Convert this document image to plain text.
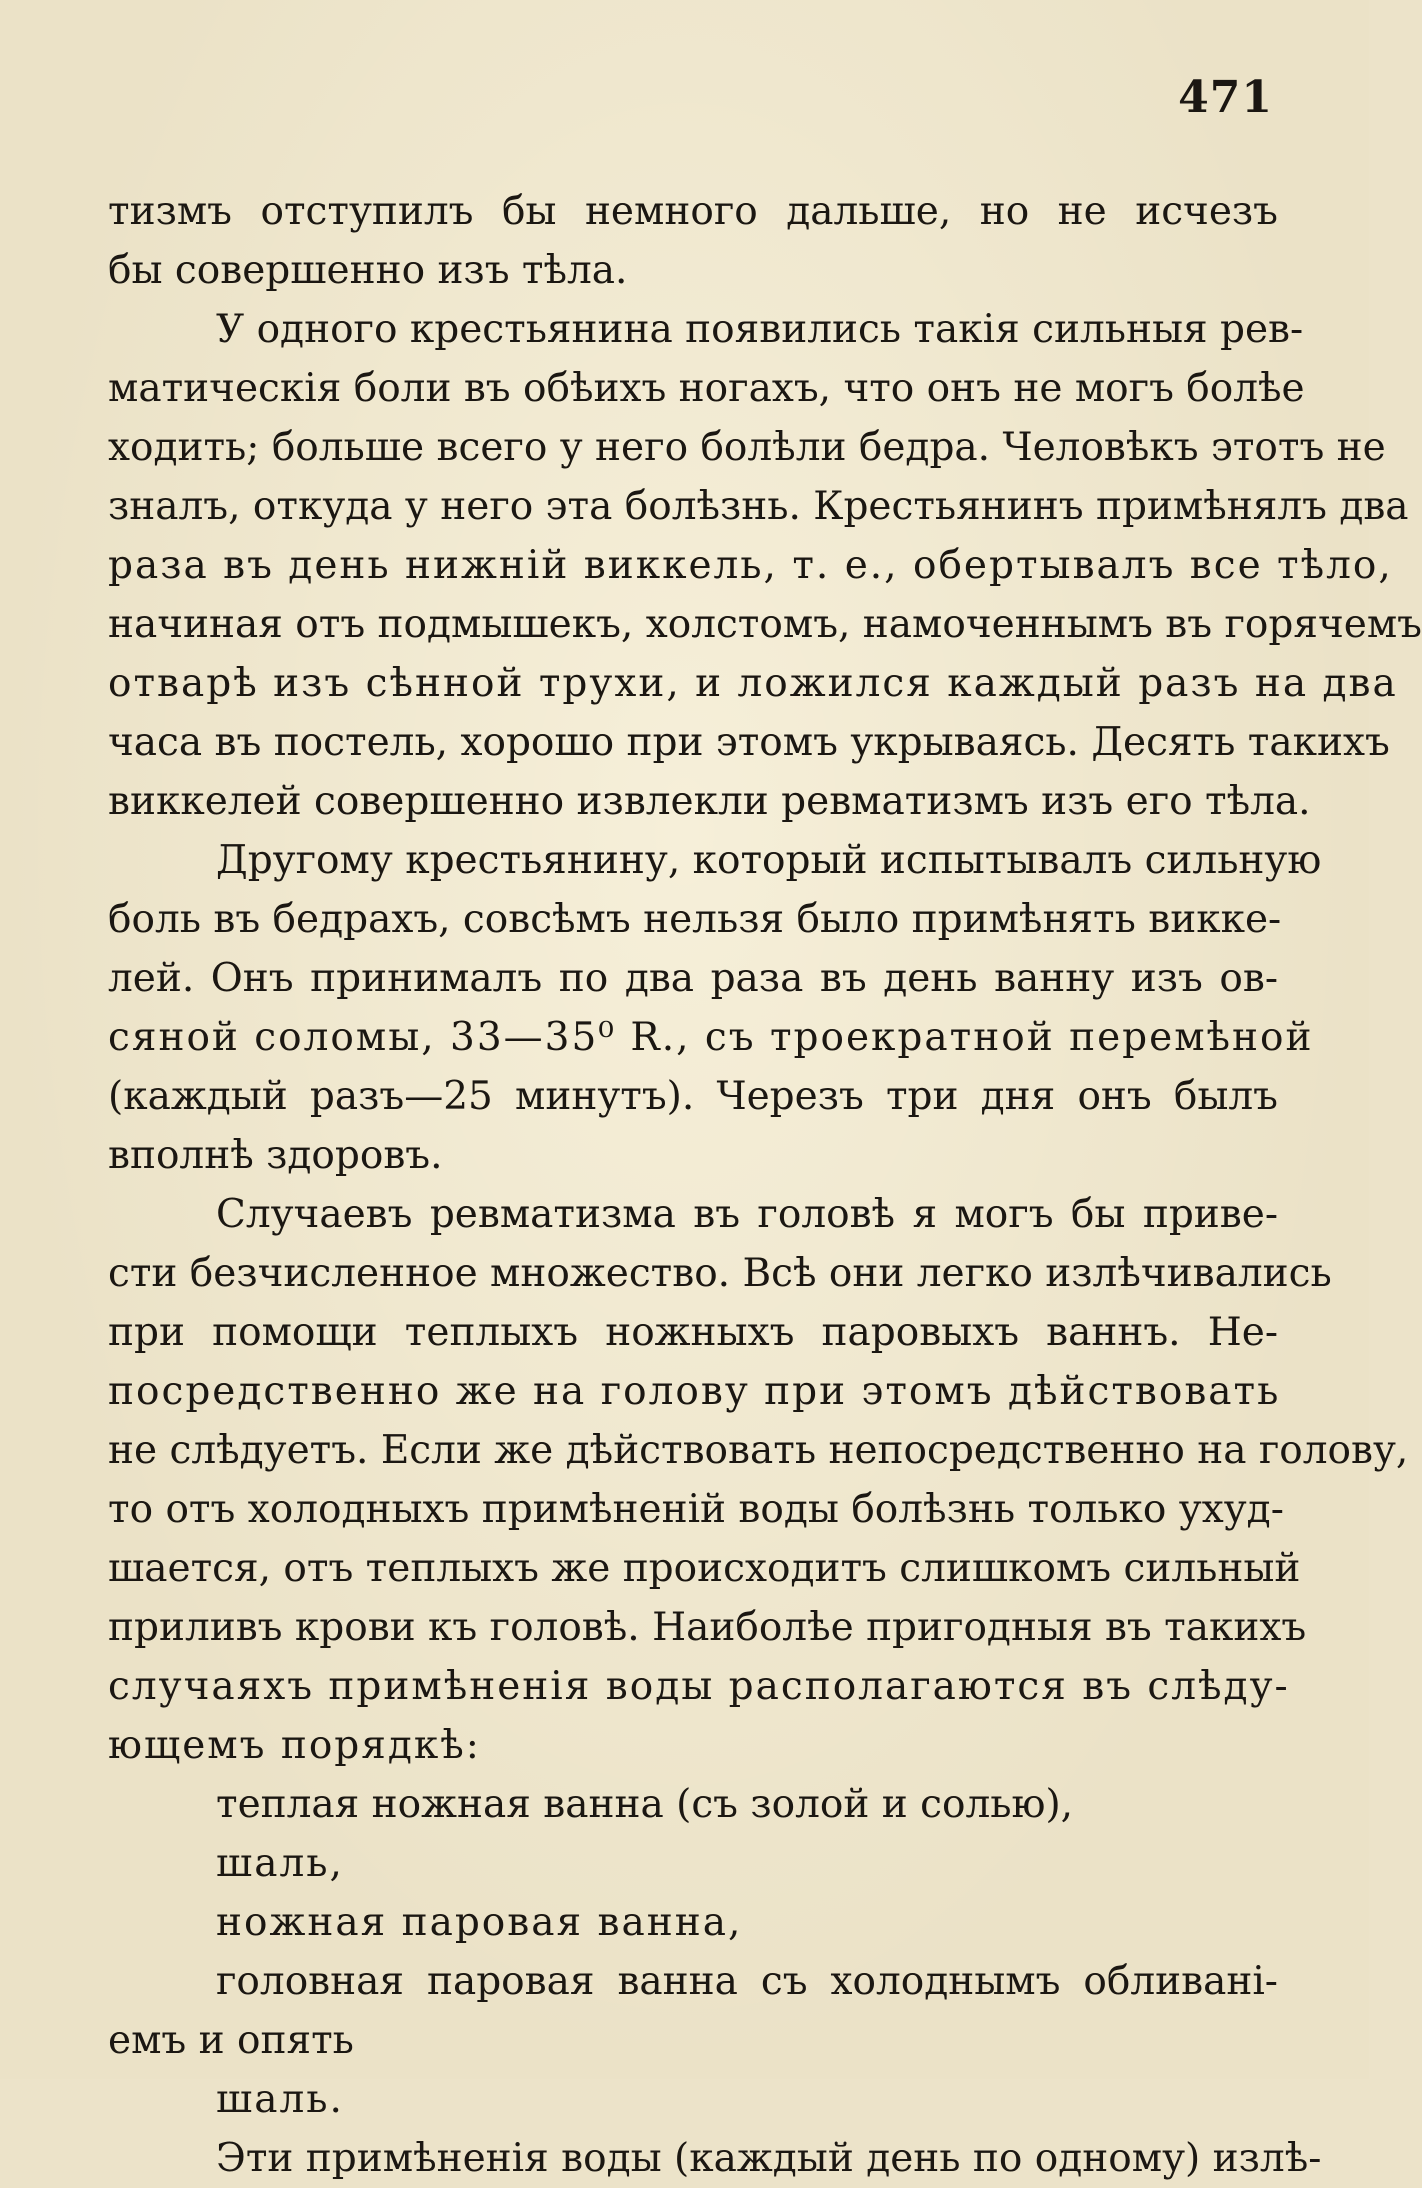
471
тизмъ отступилъ бы немного дальше, но не исчезъ
бы совершенно изъ тѣла.
У одного крестьянина появились такія сильныя рев-
матическія боли въ обѣихъ ногахъ, что онъ не могъ болѣе
ходить; больше всего у него болѣли бедра. Человѣкъ этотъ не
зналъ, откуда у него эта болѣзнь. Крестьянинъ примѣнялъ два
раза въ день нижній виккель, т. е., обертывалъ все тѣло,
начиная отъ подмышекъ, холстомъ, намоченнымъ въ горячемъ
отварѣ изъ сѣнной трухи, и ложился каждый разъ на два
часа въ постель, хорошо при этомъ укрываясь. Десять такихъ
виккелей совершенно извлекли ревматизмъ изъ его тѣла.
Другому крестьянину, который испытывалъ сильную
боль въ бедрахъ, совсѣмъ нельзя было примѣнять викке-
лей. Онъ принималъ по два раза въ день ванну изъ ов-
сяной соломы, 33—35⁰ R., съ троекратной перемѣной
(каждый разъ—25 минутъ). Черезъ три дня онъ былъ
вполнѣ здоровъ.
Случаевъ ревматизма въ головѣ я могъ бы приве-
сти безчисленное множество. Всѣ они легко излѣчивались
при помощи теплыхъ ножныхъ паровыхъ ваннъ. Не-
посредственно же на голову при этомъ дѣйствовать
не слѣдуетъ. Если же дѣйствовать непосредственно на голову,
то отъ холодныхъ примѣненій воды болѣзнь только ухуд-
шается, отъ теплыхъ же происходитъ слишкомъ сильный
приливъ крови къ головѣ. Наиболѣе пригодныя въ такихъ
случаяхъ примѣненія воды располагаются въ слѣду-
ющемъ порядкѣ:
теплая ножная ванна (съ золой и солью),
шаль,
ножная паровая ванна,
головная паровая ванна съ холоднымъ обливані-
емъ и опять
шаль.
Эти примѣненія воды (каждый день по одному) излѣ-
